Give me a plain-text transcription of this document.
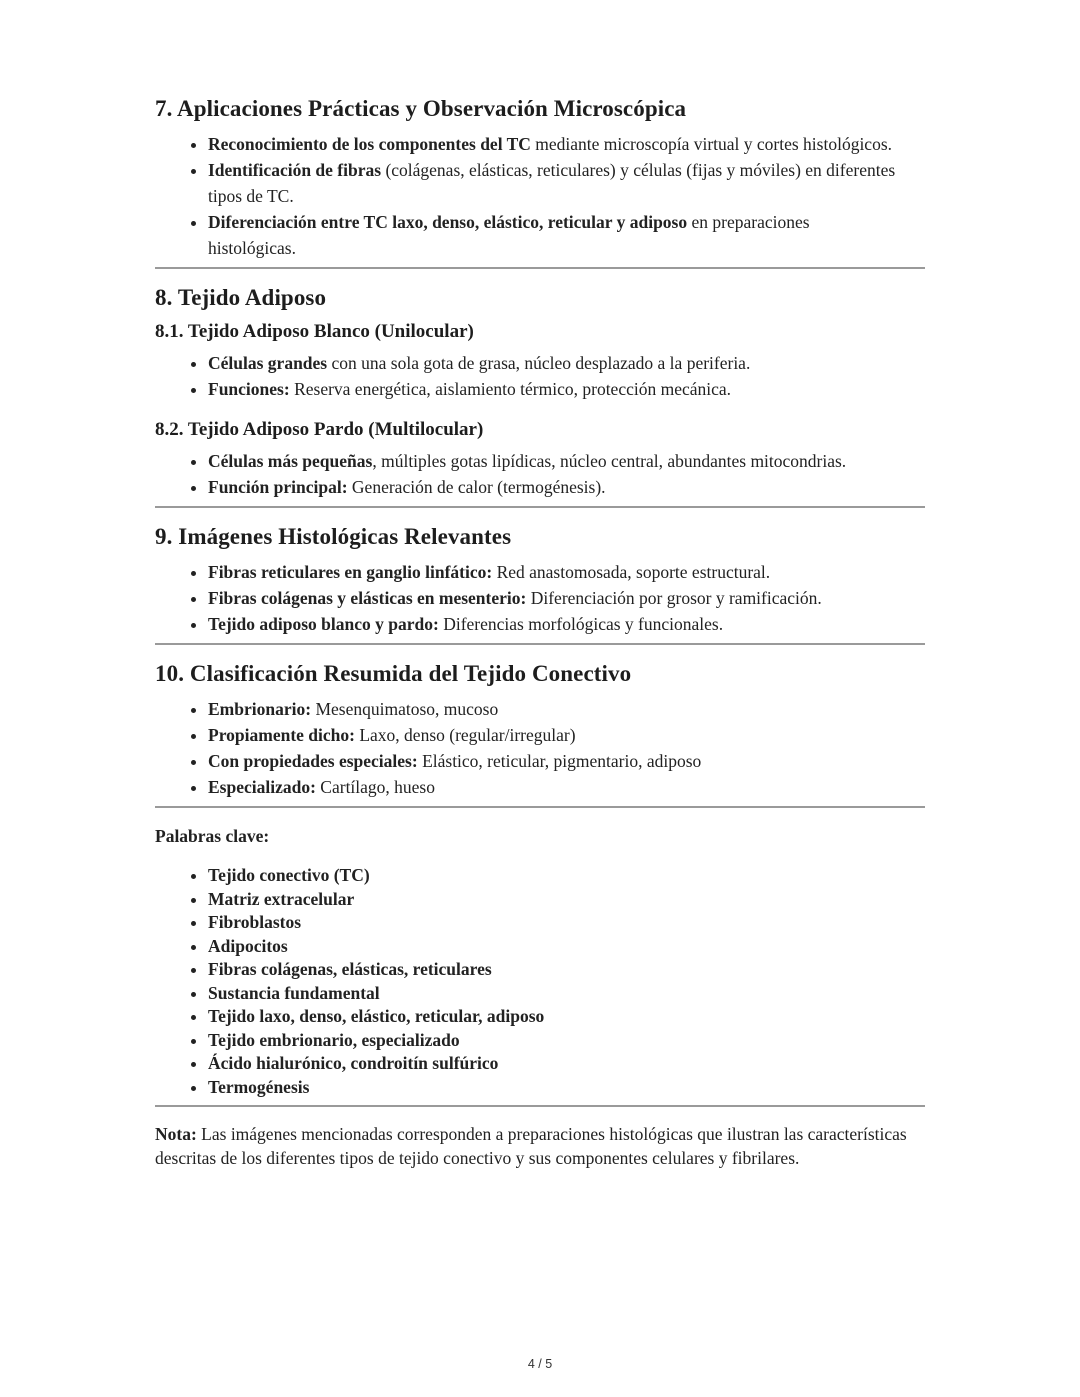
7. Aplicaciones Prácticas y Observación Microscópica
• Reconocimiento de los componentes del TC mediante microscopía virtual y cortes histológicos.
• Identificación de fibras (colágenas, elásticas, reticulares) y células (fijas y móviles) en diferentes tipos de TC.
• Diferenciación entre TC laxo, denso, elástico, reticular y adiposo en preparaciones histológicas.
8. Tejido Adiposo
8.1. Tejido Adiposo Blanco (Unilocular)
• Células grandes con una sola gota de grasa, núcleo desplazado a la periferia.
• Funciones: Reserva energética, aislamiento térmico, protección mecánica.
8.2. Tejido Adiposo Pardo (Multilocular)
• Células más pequeñas, múltiples gotas lipídicas, núcleo central, abundantes mitocondrias.
• Función principal: Generación de calor (termogénesis).
9. Imágenes Histológicas Relevantes
• Fibras reticulares en ganglio linfático: Red anastomosada, soporte estructural.
• Fibras colágenas y elásticas en mesenterio: Diferenciación por grosor y ramificación.
• Tejido adiposo blanco y pardo: Diferencias morfológicas y funcionales.
10. Clasificación Resumida del Tejido Conectivo
• Embrionario: Mesenquimatoso, mucoso
• Propiamente dicho: Laxo, denso (regular/irregular)
• Con propiedades especiales: Elástico, reticular, pigmentario, adiposo
• Especializado: Cartílago, hueso

Palabras clave:

• Tejido conectivo (TC)
• Matriz extracelular
• Fibroblastos
• Adipocitos
• Fibras colágenas, elásticas, reticulares
• Sustancia fundamental
• Tejido laxo, denso, elástico, reticular, adiposo
• Tejido embrionario, especializado
• Ácido hialurónico, condroitín sulfúrico
• Termogénesis

Nota: Las imágenes mencionadas corresponden a preparaciones histológicas que ilustran las características descritas de los diferentes tipos de tejido conectivo y sus componentes celulares y fibrilares.

4 / 5
